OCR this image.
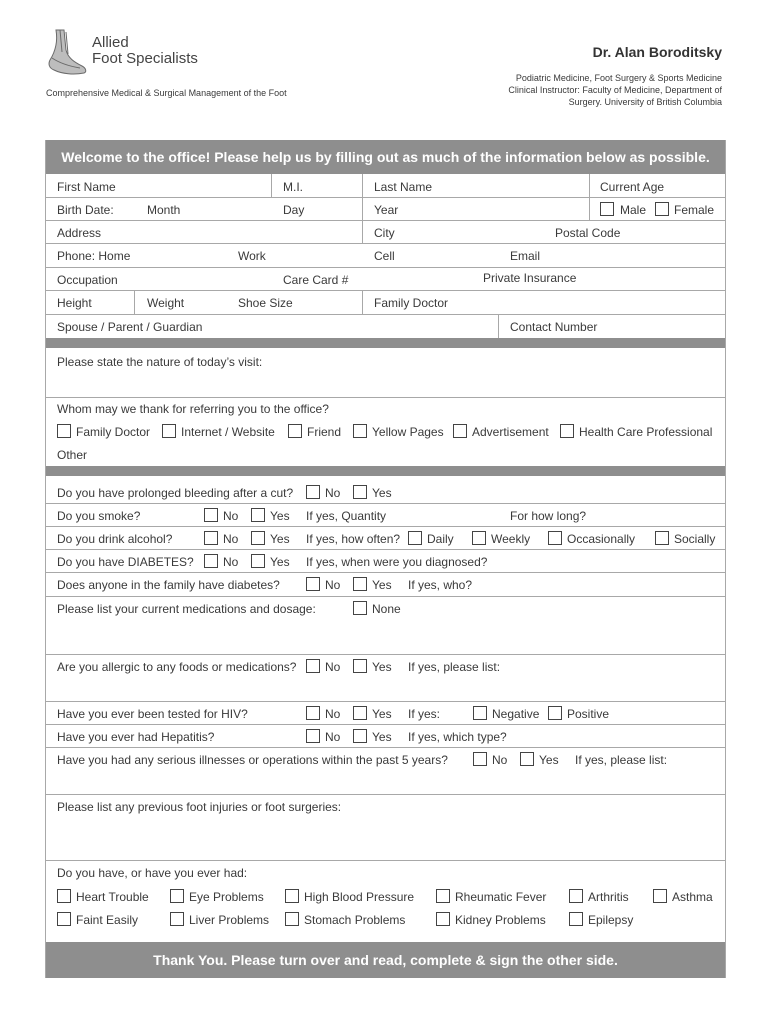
Allied
Foot Specialists
Comprehensive Medical & Surgical Management of the Foot
Dr. Alan Boroditsky
Podiatric Medicine, Foot Surgery & Sports Medicine
Clinical Instructor: Faculty of Medicine, Department of
Surgery. University of British Columbia
Welcome to the office! Please help us by filling out as much of the information below as possible.
First Name	M.I.	Last Name	Current Age
Birth Date:	Month	Day	Year	Male Female
Address	City	Postal Code
Phone: Home	Work	Cell	Email
Occupation	Care Card #	Private Insurance
Height	Weight	Shoe Size	Family Doctor
Spouse / Parent / Guardian	Contact Number
Please state the nature of today’s visit:
Whom may we thank for referring you to the office?
Family Doctor	Internet / Website	Friend	Yellow Pages Advertisement	Health Care Professional
Other
Do you have prolonged bleeding after a cut?	No	Yes
Do you smoke?	No	Yes If yes, Quantity	For how long?
Do you drink alcohol?	No	Yes If yes, how often? Daily	Weekly	Occasionally	Socially
Do you have DIABETES? No	Yes If yes, when were you diagnosed?
Does anyone in the family have diabetes?	No	Yes If yes, who?
Please list your current medications and dosage:	None
Are you allergic to any foods or medications? No	Yes If yes, please list:
Have you ever been tested for HIV?	No	Yes If yes:	Negative Positive
Have you ever had Hepatitis?	No	Yes If yes, which type?
Have you had any serious illnesses or operations within the past 5 years?	No	Yes If yes, please list:
Please list any previous foot injuries or foot surgeries:
Do you have, or have you ever had:
Heart Trouble	Eye Problems	High Blood Pressure	Rheumatic Fever	Arthritis	Asthma
Faint Easily	Liver Problems	Stomach Problems	Kidney Problems	Epilepsy
Thank You. Please turn over and read, complete & sign the other side.
